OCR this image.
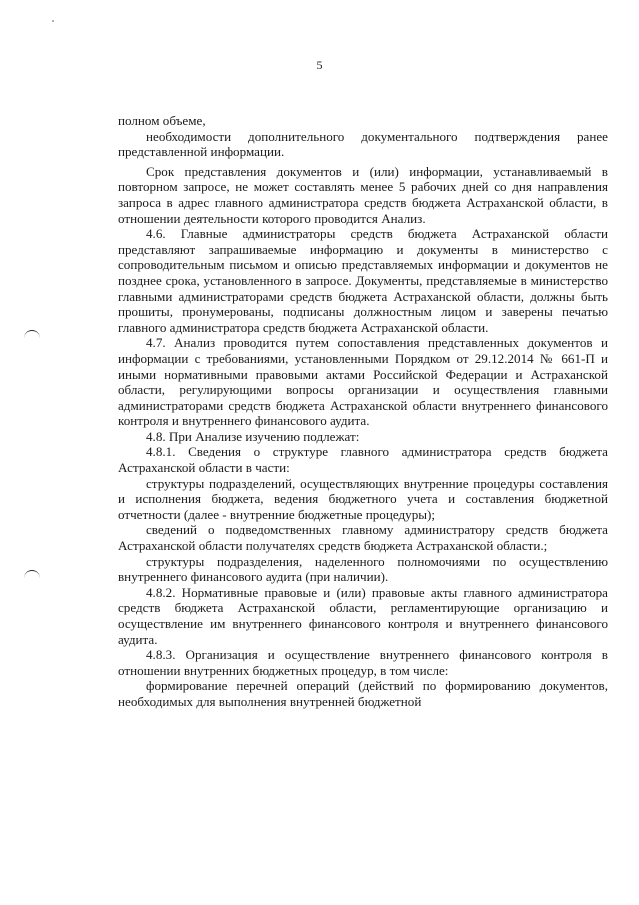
5

полном объеме,

необходимости дополнительного документального подтверждения ранее представленной информации.

Срок представления документов и (или) информации, устанавливаемый в повторном запросе, не может составлять менее 5 рабочих дней со дня направления запроса в адрес главного администратора средств бюджета Астраханской области, в отношении деятельности которого проводится Анализ.

4.6. Главные администраторы средств бюджета Астраханской области представляют запрашиваемые информацию и документы в министерство с сопроводительным письмом и описью представляемых информации и документов не позднее срока, установленного в запросе. Документы, представляемые в министерство главными администраторами средств бюджета Астраханской области, должны быть прошиты, пронумерованы, подписаны должностным лицом и заверены печатью главного администратора средств бюджета Астраханской области.

4.7. Анализ проводится путем сопоставления представленных документов и информации с требованиями, установленными Порядком от 29.12.2014 № 661-П и иными нормативными правовыми актами Российской Федерации и Астраханской области, регулирующими вопросы организации и осуществления главными администраторами средств бюджета Астраханской области внутреннего финансового контроля и внутреннего финансового аудита.

4.8. При Анализе изучению подлежат:

4.8.1. Сведения о структуре главного администратора средств бюджета Астраханской области в части:

структуры подразделений, осуществляющих внутренние процедуры составления и исполнения бюджета, ведения бюджетного учета и составления бюджетной отчетности (далее - внутренние бюджетные процедуры);

сведений о подведомственных главному администратору средств бюджета Астраханской области получателях средств бюджета Астраханской области.;

структуры подразделения, наделенного полномочиями по осуществлению внутреннего финансового аудита (при наличии).

4.8.2. Нормативные правовые и (или) правовые акты главного администратора средств бюджета Астраханской области, регламентирующие организацию и осуществление им внутреннего финансового контроля и внутреннего финансового аудита.

4.8.3. Организация и осуществление внутреннего финансового контроля в отношении внутренних бюджетных процедур, в том числе:

формирование перечней операций (действий по формированию документов, необходимых для выполнения внутренней бюджетной
